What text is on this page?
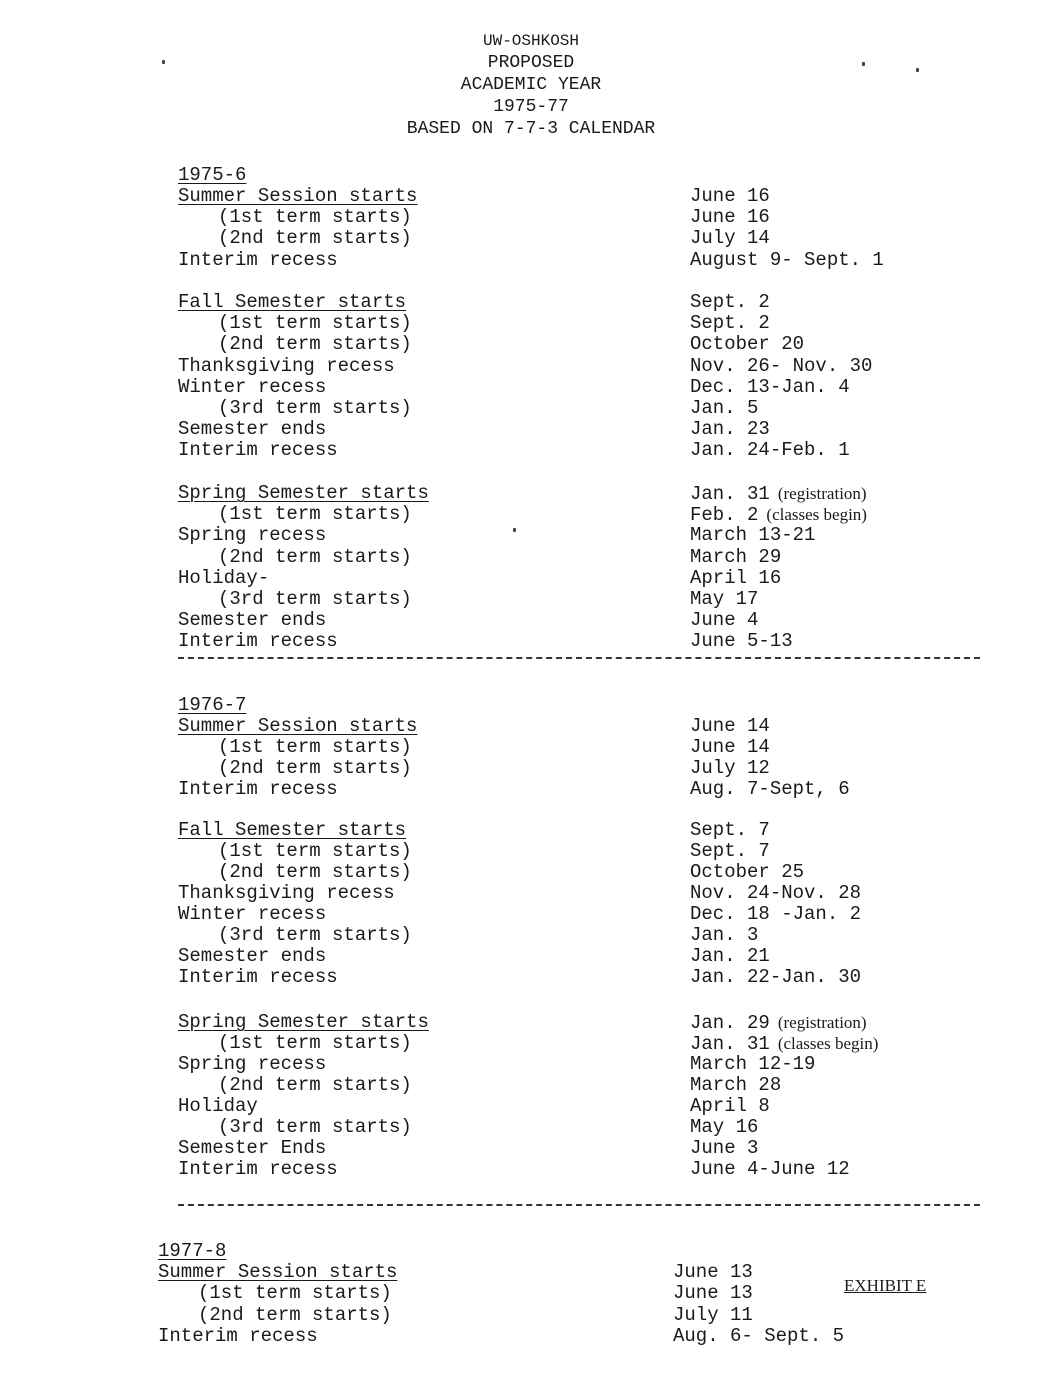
UW-OSHKOSH
PROPOSED
ACADEMIC YEAR
1975-77
BASED ON 7-7-3 CALENDAR
1975-6
Summer Session starts	June 16
(1st term starts)	June 16
(2nd term starts)	July 14
Interim recess	August 9- Sept. 1
Fall Semester starts	Sept. 2
(1st term starts)	Sept. 2
(2nd term starts)	October 20
Thanksgiving recess	Nov. 26- Nov. 30
Winter recess	Dec. 13-Jan. 4
(3rd term starts)	Jan. 5
Semester ends	Jan. 23
Interim recess	Jan. 24-Feb. 1
Spring Semester starts	Jan. 31 (registration)
(1st term starts)	Feb. 2 (classes begin)
Spring recess	March 13-21
(2nd term starts)	March 29
Holiday-	April 16
(3rd term starts)	May 17
Semester ends	June 4
Interim recess	June 5-13
1976-7
Summer Session starts	June 14
(1st term starts)	June 14
(2nd term starts)	July 12
Interim recess	Aug. 7-Sept, 6
Fall Semester starts	Sept. 7
(1st term starts)	Sept. 7
(2nd term starts)	October 25
Thanksgiving recess	Nov. 24-Nov. 28
Winter recess	Dec. 18 -Jan. 2
(3rd term starts)	Jan. 3
Semester ends	Jan. 21
Interim recess	Jan. 22-Jan. 30
Spring Semester starts	Jan. 29 (registration)
(1st term starts)	Jan. 31 (classes begin)
Spring recess	March 12-19
(2nd term starts)	March 28
Holiday	April 8
(3rd term starts)	May 16
Semester Ends	June 3
Interim recess	June 4-June 12
1977-8
Summer Session starts	June 13
(1st term starts)	June 13
(2nd term starts)	July 11
Interim recess	Aug. 6- Sept. 5
EXHIBIT E
